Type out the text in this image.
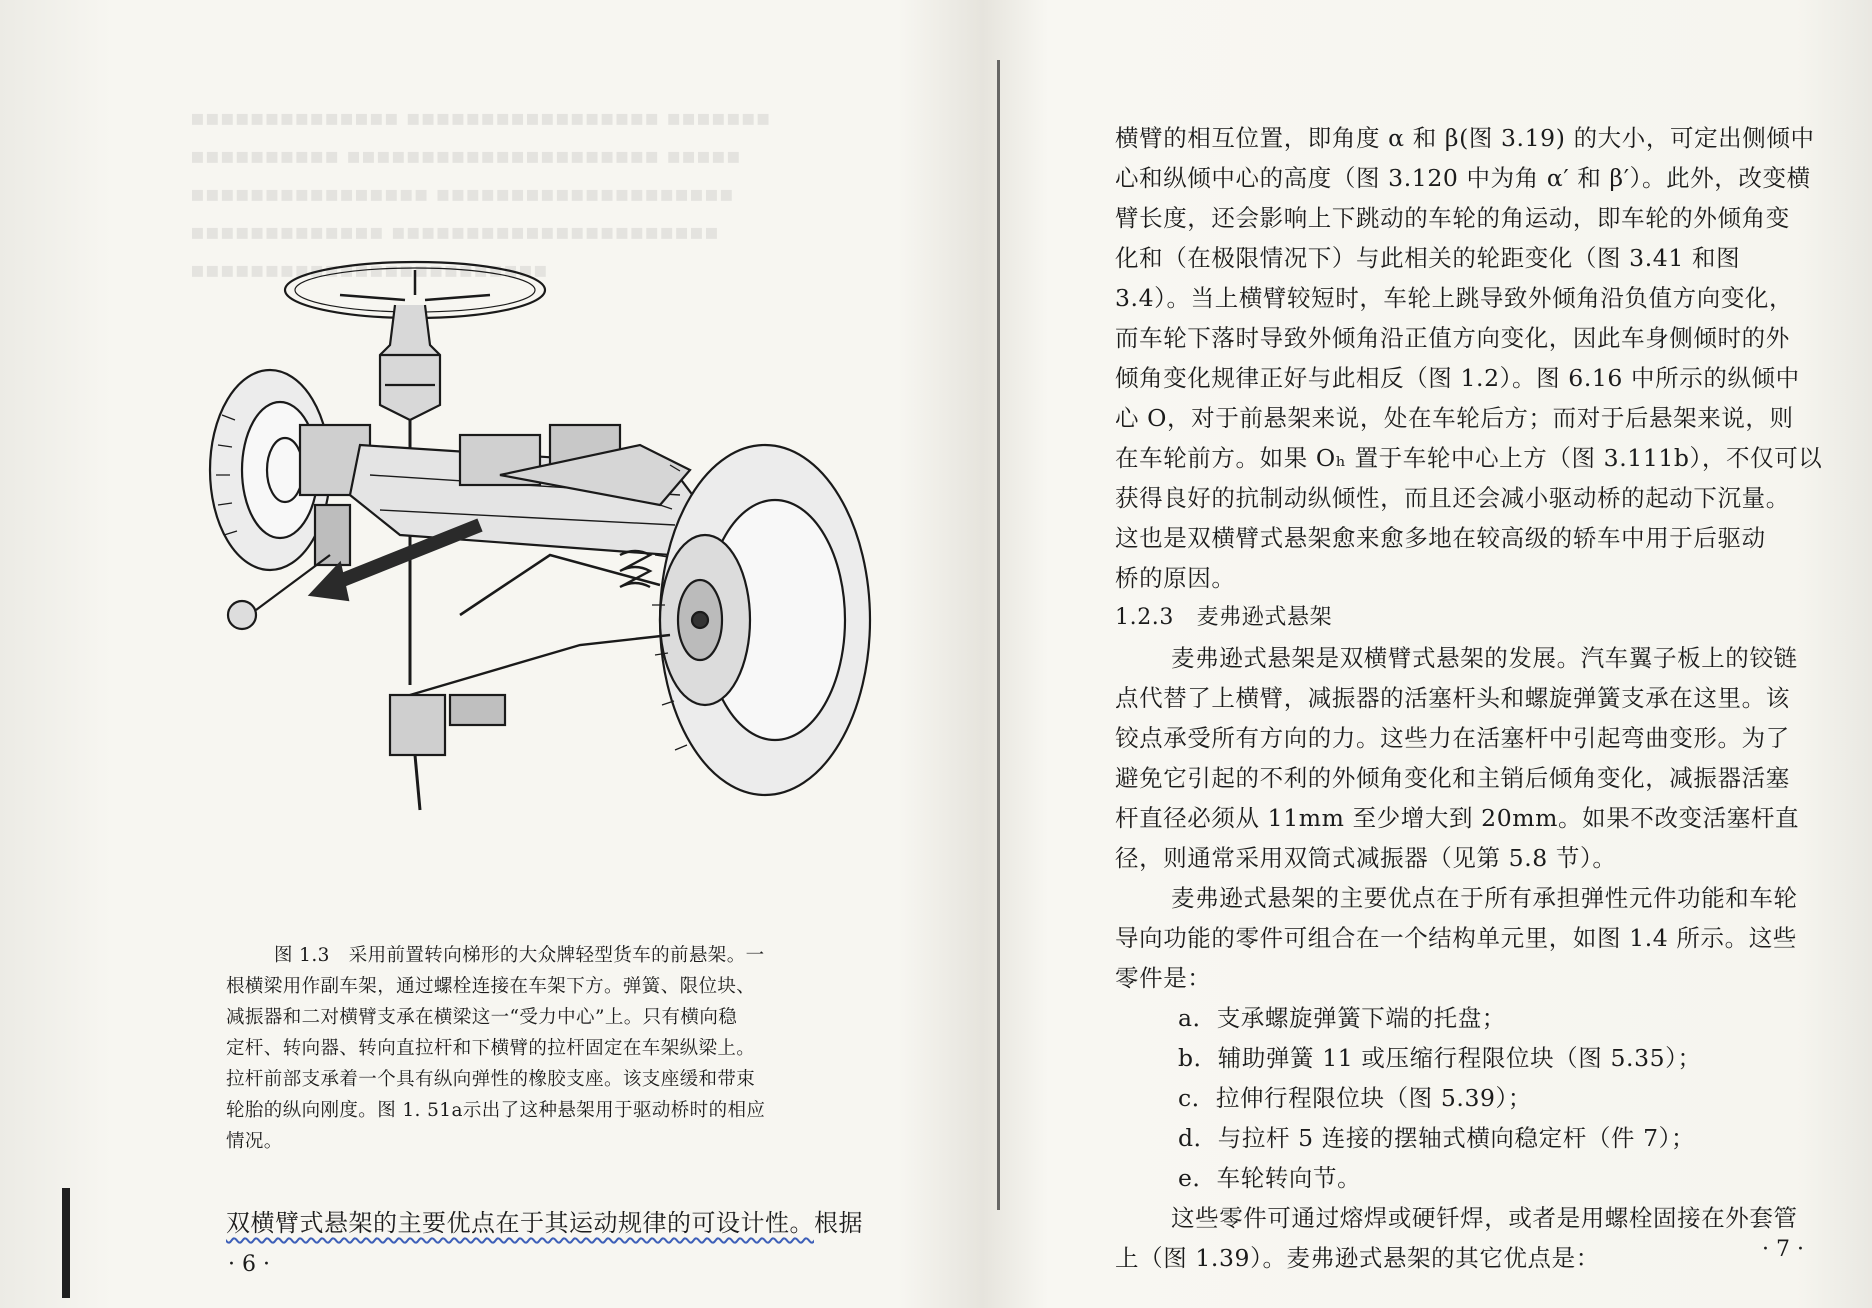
▪▪▪▪▪▪▪▪▪▪▪▪▪▪ ▪▪▪▪▪▪▪▪▪▪▪▪▪▪▪▪▪ ▪▪▪▪▪▪▪
▪▪▪▪▪▪▪▪▪▪ ▪▪▪▪▪▪▪▪▪▪▪▪▪▪▪▪▪▪▪▪▪ ▪▪▪▪▪
▪▪▪▪▪▪▪▪▪▪▪▪▪▪▪▪ ▪▪▪▪▪▪▪▪▪▪▪▪▪▪▪▪▪▪▪▪
▪▪▪▪▪▪▪▪▪▪▪▪▪ ▪▪▪▪▪▪▪▪▪▪▪▪▪▪▪▪▪▪▪▪▪▪
▪▪▪▪▪▪▪▪▪▪▪▪▪▪▪▪▪▪▪▪▪▪▪▪
图 1.3　采用前置转向梯形的大众牌轻型货车的前悬架。一
根横梁用作副车架，通过螺栓连接在车架下方。弹簧、限位块、
减振器和二对横臂支承在横梁这一“受力中心”上。只有横向稳
定杆、转向器、转向直拉杆和下横臂的拉杆固定在车架纵梁上。
拉杆前部支承着一个具有纵向弹性的橡胶支座。该支座缓和带束
轮胎的纵向刚度。图 1. 51a示出了这种悬架用于驱动桥时的相应
情况。
双横臂式悬架的主要优点在于其运动规律的可设计性。根据
· 6 ·

横臂的相互位置，即角度 α 和 β(图 3.19) 的大小，可定出侧倾中

心和纵倾中心的高度（图 3.120 中为角 α′ 和 β′）。此外，改变横

臂长度，还会影响上下跳动的车轮的角运动，即车轮的外倾角变

化和（在极限情况下）与此相关的轮距变化（图 3.41 和图

3.4）。当上横臂较短时，车轮上跳导致外倾角沿负值方向变化，

而车轮下落时导致外倾角沿正值方向变化，因此车身侧倾时的外

倾角变化规律正好与此相反（图 1.2）。图 6.16 中所示的纵倾中

心 O，对于前悬架来说，处在车轮后方；而对于后悬架来说，则

在车轮前方。如果 Oₕ 置于车轮中心上方（图 3.111b），不仅可以

获得良好的抗制动纵倾性，而且还会减小驱动桥的起动下沉量。

这也是双横臂式悬架愈来愈多地在较高级的轿车中用于后驱动

桥的原因。

1.2.3　麦弗逊式悬架

麦弗逊式悬架是双横臂式悬架的发展。汽车翼子板上的铰链

点代替了上横臂，减振器的活塞杆头和螺旋弹簧支承在这里。该

铰点承受所有方向的力。这些力在活塞杆中引起弯曲变形。为了

避免它引起的不利的外倾角变化和主销后倾角变化，减振器活塞

杆直径必须从 11mm 至少增大到 20mm。如果不改变活塞杆直

径，则通常采用双筒式减振器（见第 5.8 节）。

麦弗逊式悬架的主要优点在于所有承担弹性元件功能和车轮

导向功能的零件可组合在一个结构单元里，如图 1.4 所示。这些

零件是：

a．支承螺旋弹簧下端的托盘；

b．辅助弹簧 11 或压缩行程限位块（图 5.35）；

c．拉伸行程限位块（图 5.39）；

d．与拉杆 5 连接的摆轴式横向稳定杆（件 7）；

e．车轮转向节。

这些零件可通过熔焊或硬钎焊，或者是用螺栓固接在外套管

上（图 1.39）。麦弗逊式悬架的其它优点是：	· 7 ·
